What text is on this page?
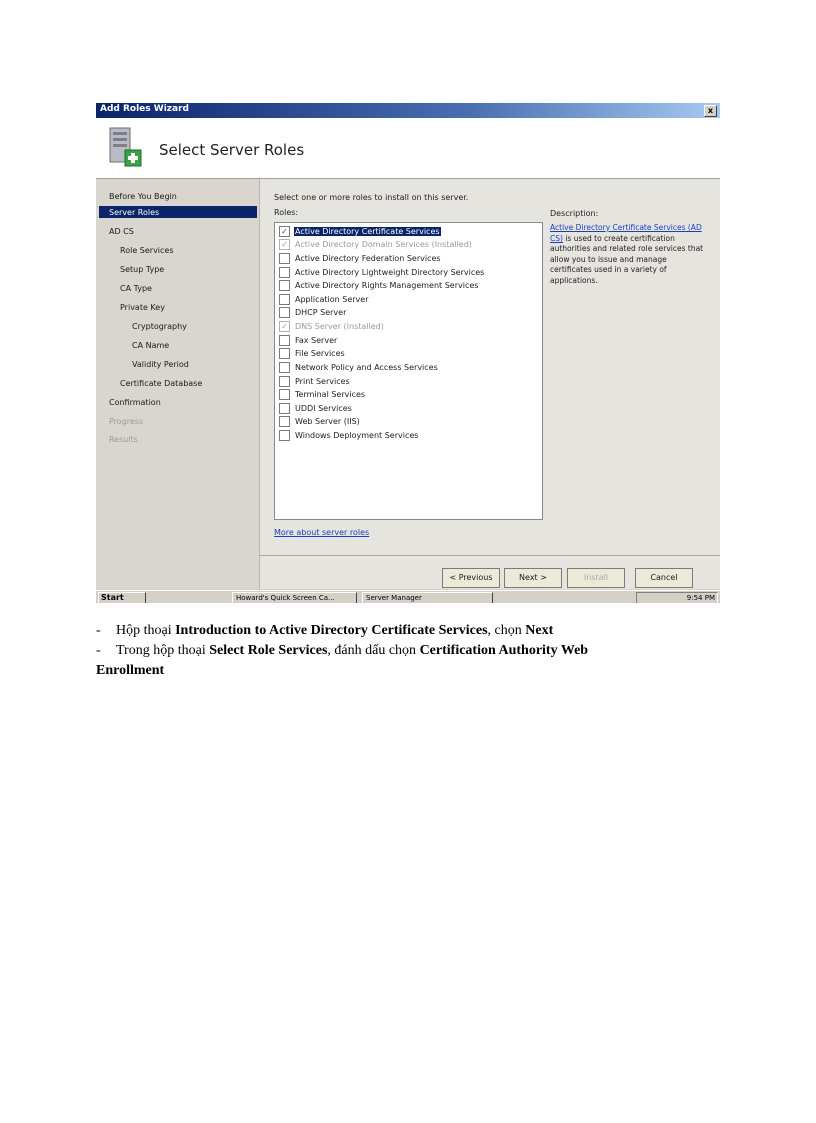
Add Roles Wizard	x
Select Server Roles
Before You Begin
Server Roles
AD CS
Role Services
Setup Type
CA Type
Private Key
Cryptography
CA Name
Validity Period
Certificate Database
Confirmation
Progress
Results
Select one or more roles to install on this server.
Roles:
✓ Active Directory Certificate Services
✓ Active Directory Domain Services (Installed)
Active Directory Federation Services
Active Directory Lightweight Directory Services
Active Directory Rights Management Services
Application Server
DHCP Server
✓ DNS Server (Installed)
Fax Server
File Services
Network Policy and Access Services
Print Services
Terminal Services
UDDI Services
Web Server (IIS)
Windows Deployment Services
Description:
Active Directory Certificate Services (AD CS) is used to create certification authorities and related role services that allow you to issue and manage certificates used in a variety of applications.
More about server roles
< Previous	Next >	Install	Cancel
Start	Howard's Quick Screen Ca...	Server Manager	9:54 PM
- Hộp thoại Introduction to Active Directory Certificate Services, chọn Next
- Trong hộp thoại Select Role Services, đánh dấu chọn Certification Authority Web
Enrollment
